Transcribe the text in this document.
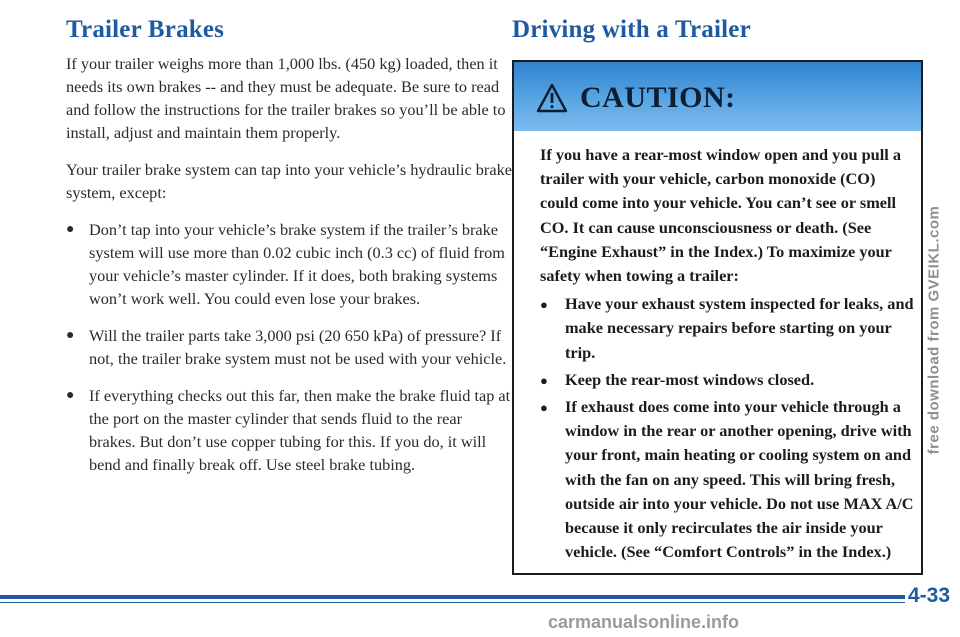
Trailer Brakes

If your trailer weighs more than 1,000 lbs. (450 kg) loaded, then it needs its own brakes -- and they must be adequate. Be sure to read and follow the instructions for the trailer brakes so you’ll be able to install, adjust and maintain them properly.

Your trailer brake system can tap into your vehicle’s hydraulic brake system, except:

● Don’t tap into your vehicle’s brake system if the trailer’s brake system will use more than 0.02 cubic inch (0.3 cc) of fluid from your vehicle’s master cylinder. If it does, both braking systems won’t work well. You could even lose your brakes.
● Will the trailer parts take 3,000 psi (20 650 kPa) of pressure? If not, the trailer brake system must not be used with your vehicle.
● If everything checks out this far, then make the brake fluid tap at the port on the master cylinder that sends fluid to the rear brakes. But don’t use copper tubing for this. If you do, it will bend and finally break off. Use steel brake tubing.
Driving with a Trailer
CAUTION:

If you have a rear-most window open and you pull a trailer with your vehicle, carbon monoxide (CO) could come into your vehicle. You can’t see or smell CO. It can cause unconsciousness or death. (See “Engine Exhaust” in the Index.) To maximize your safety when towing a trailer:

● Have your exhaust system inspected for leaks, and make necessary repairs before starting on your trip.
● Keep the rear-most windows closed.
● If exhaust does come into your vehicle through a window in the rear or another opening, drive with your front, main heating or cooling system on and with the fan on any speed. This will bring fresh, outside air into your vehicle. Do not use MAX A/C because it only recirculates the air inside your vehicle. (See “Comfort Controls” in the Index.)
4-33
free download from GVEIKL.com
carmanualsonline.info
